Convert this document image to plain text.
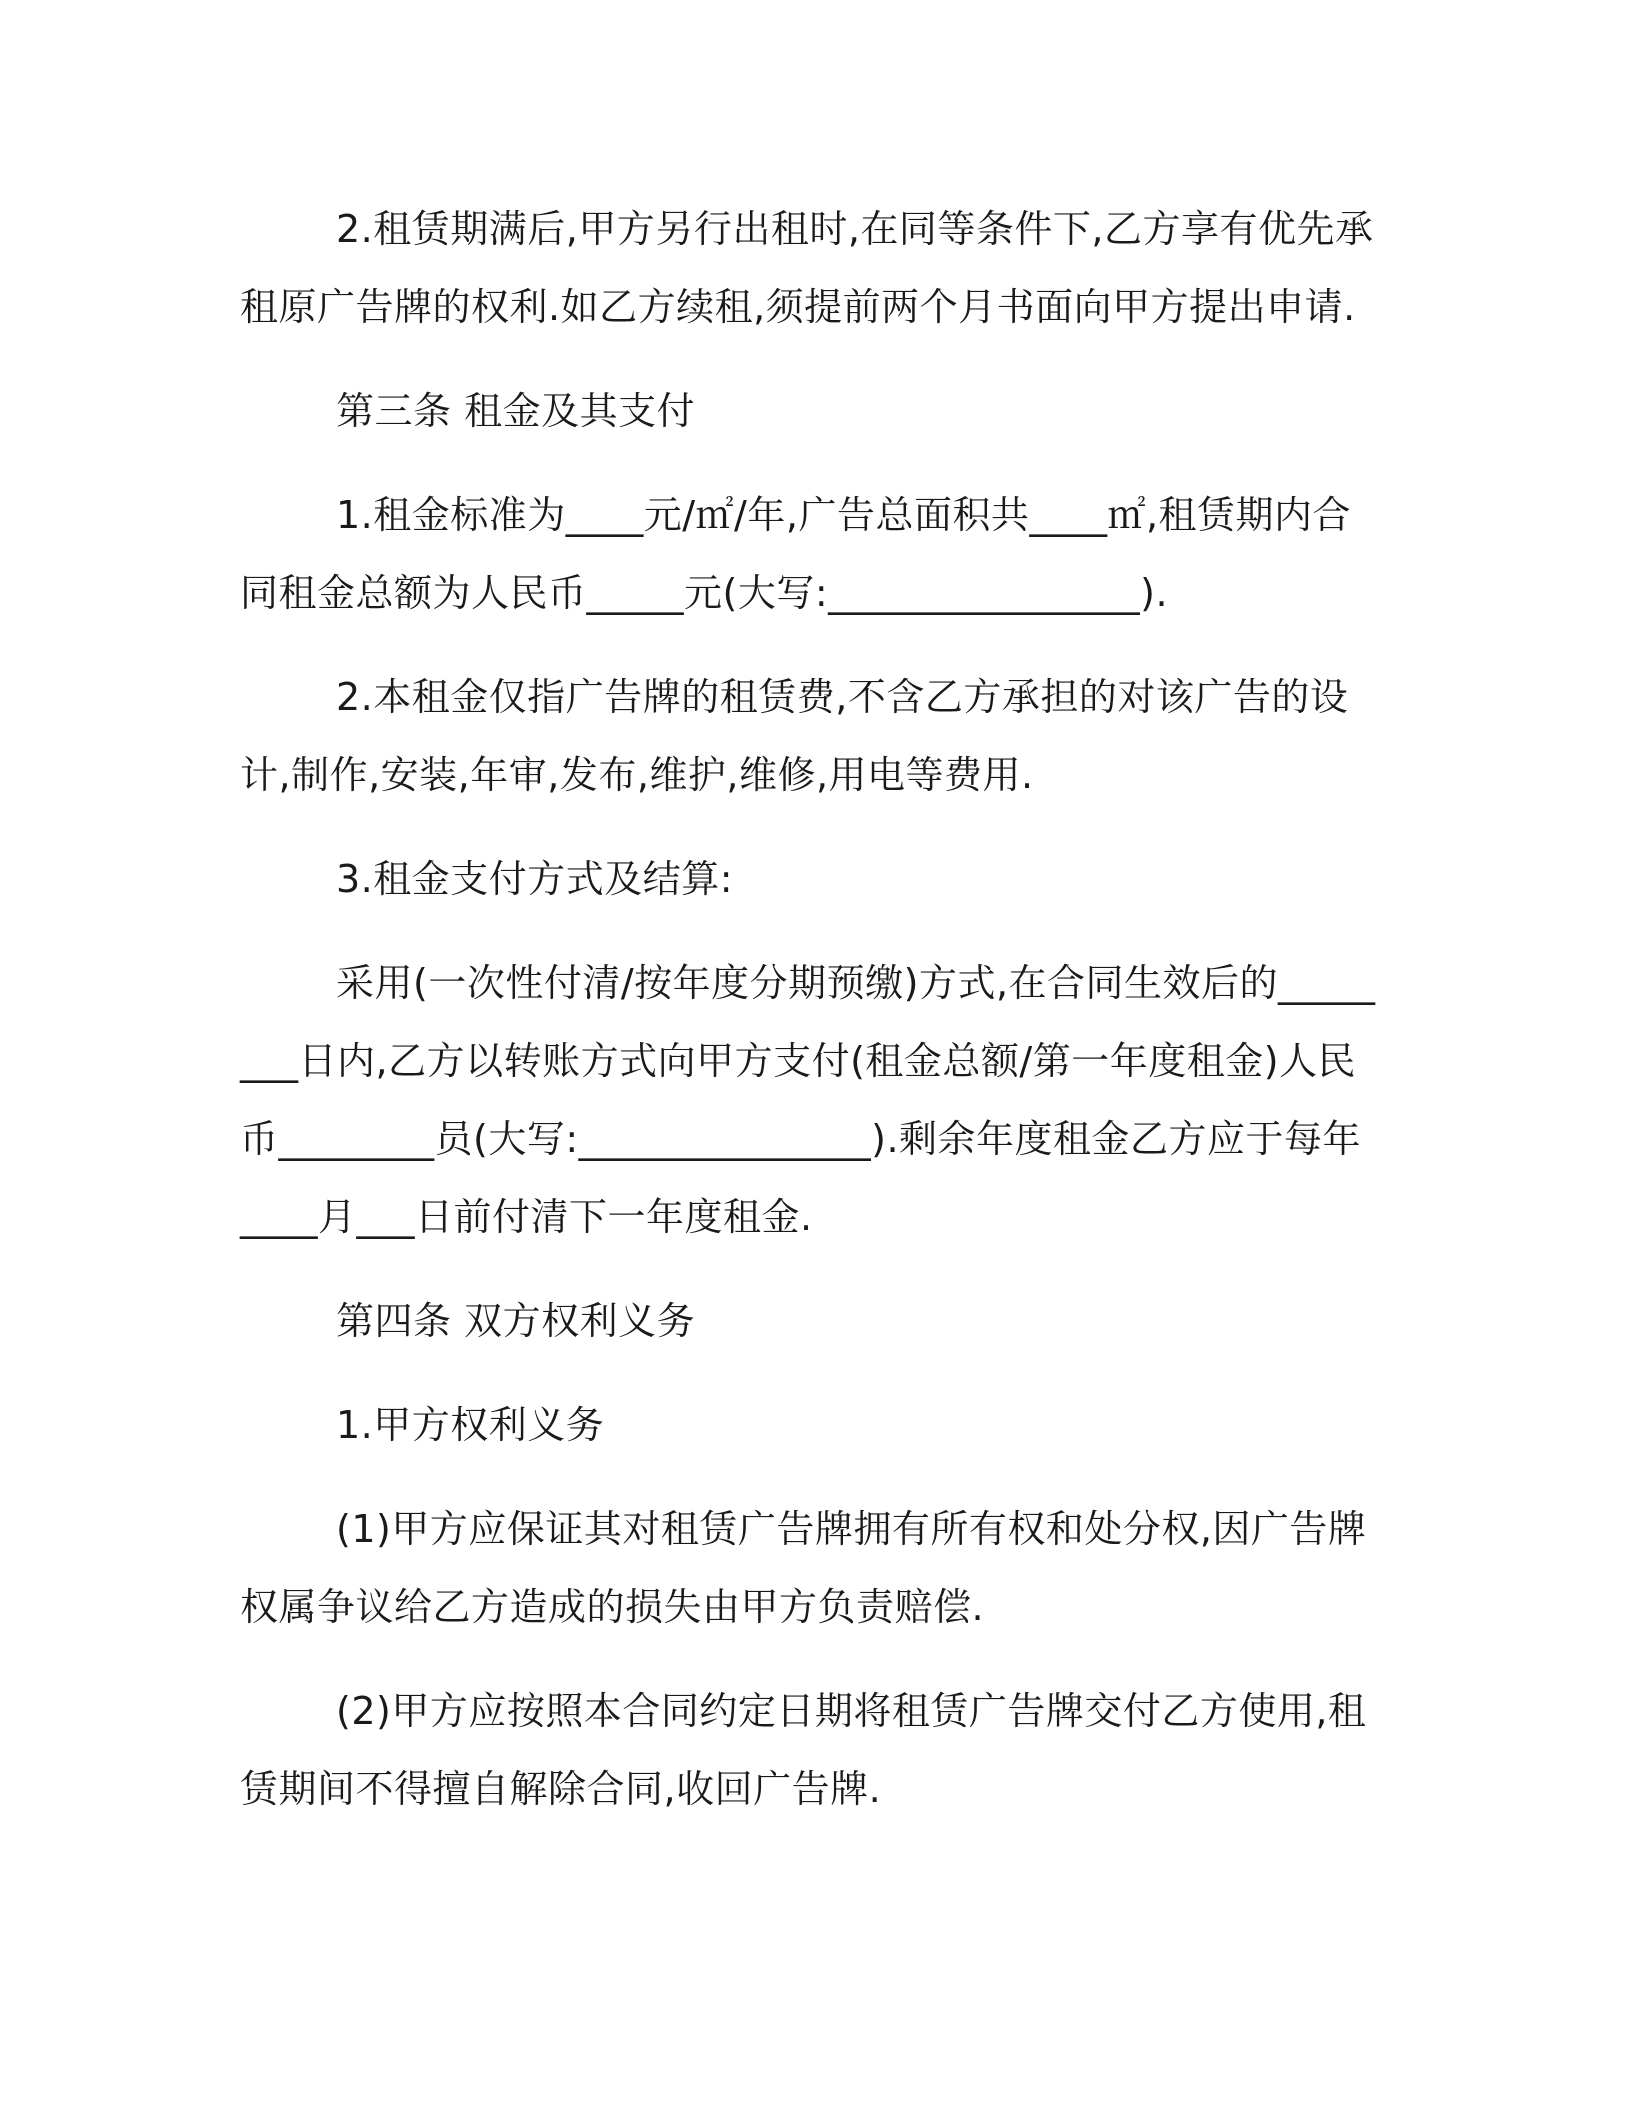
2.租赁期满后,甲方另行出租时,在同等条件下,乙方享有优先承租原广告牌的权利.如乙方续租,须提前两个月书面向甲方提出申请.

第三条 租金及其支付

1.租金标准为____元/㎡/年,广告总面积共____㎡,租赁期内合同租金总额为人民币_____元(大写:________________).

2.本租金仅指广告牌的租赁费,不含乙方承担的对该广告的设计,制作,安装,年审,发布,维护,维修,用电等费用.

3.租金支付方式及结算:

采用(一次性付清/按年度分期预缴)方式,在合同生效后的________日内,乙方以转账方式向甲方支付(租金总额/第一年度租金)人民币________员(大写:_______________).剩余年度租金乙方应于每年____月___日前付清下一年度租金.

第四条 双方权利义务

1.甲方权利义务

(1)甲方应保证其对租赁广告牌拥有所有权和处分权,因广告牌权属争议给乙方造成的损失由甲方负责赔偿.

(2)甲方应按照本合同约定日期将租赁广告牌交付乙方使用,租赁期间不得擅自解除合同,收回广告牌.
